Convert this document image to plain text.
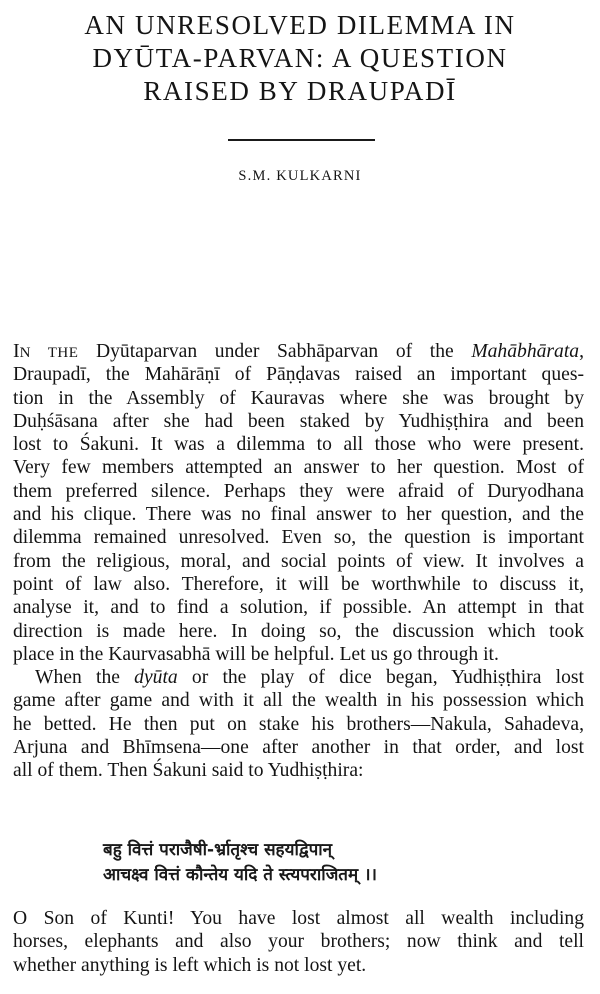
AN UNRESOLVED DILEMMA IN
DYŪTA-PARVAN: A QUESTION
RAISED BY DRAUPADĪ
S.M. KULKARNI
IN THE Dyūtaparvan under Sabhāparvan of the Mahābhārata,
Draupadī, the Mahārāṇī of Pāṇḍavas raised an important ques-
tion in the Assembly of Kauravas where she was brought by
Duḥśāsana after she had been staked by Yudhiṣṭhira and been
lost to Śakuni. It was a dilemma to all those who were present.
Very few members attempted an answer to her question. Most of
them preferred silence. Perhaps they were afraid of Duryodhana
and his clique. There was no final answer to her question, and the
dilemma remained unresolved. Even so, the question is important
from the religious, moral, and social points of view. It involves a
point of law also. Therefore, it will be worthwhile to discuss it,
analyse it, and to find a solution, if possible. An attempt in that
direction is made here. In doing so, the discussion which took
place in the Kaurvasabhā will be helpful. Let us go through it.
When the dyūta or the play of dice began, Yudhiṣṭhira lost
game after game and with it all the wealth in his possession which
he betted. He then put on stake his brothers—Nakula, Sahadeva,
Arjuna and Bhīmsena—one after another in that order, and lost
all of them. Then Śakuni said to Yudhiṣṭhira:
बहु वित्तं पराजैषी-र्भ्रातृश्च सहयद्विपान्
आचक्ष्व वित्तं कौन्तेय यदि ते स्त्यपराजितम् ।।
O Son of Kunti! You have lost almost all wealth including
horses, elephants and also your brothers; now think and tell
whether anything is left which is not lost yet.
